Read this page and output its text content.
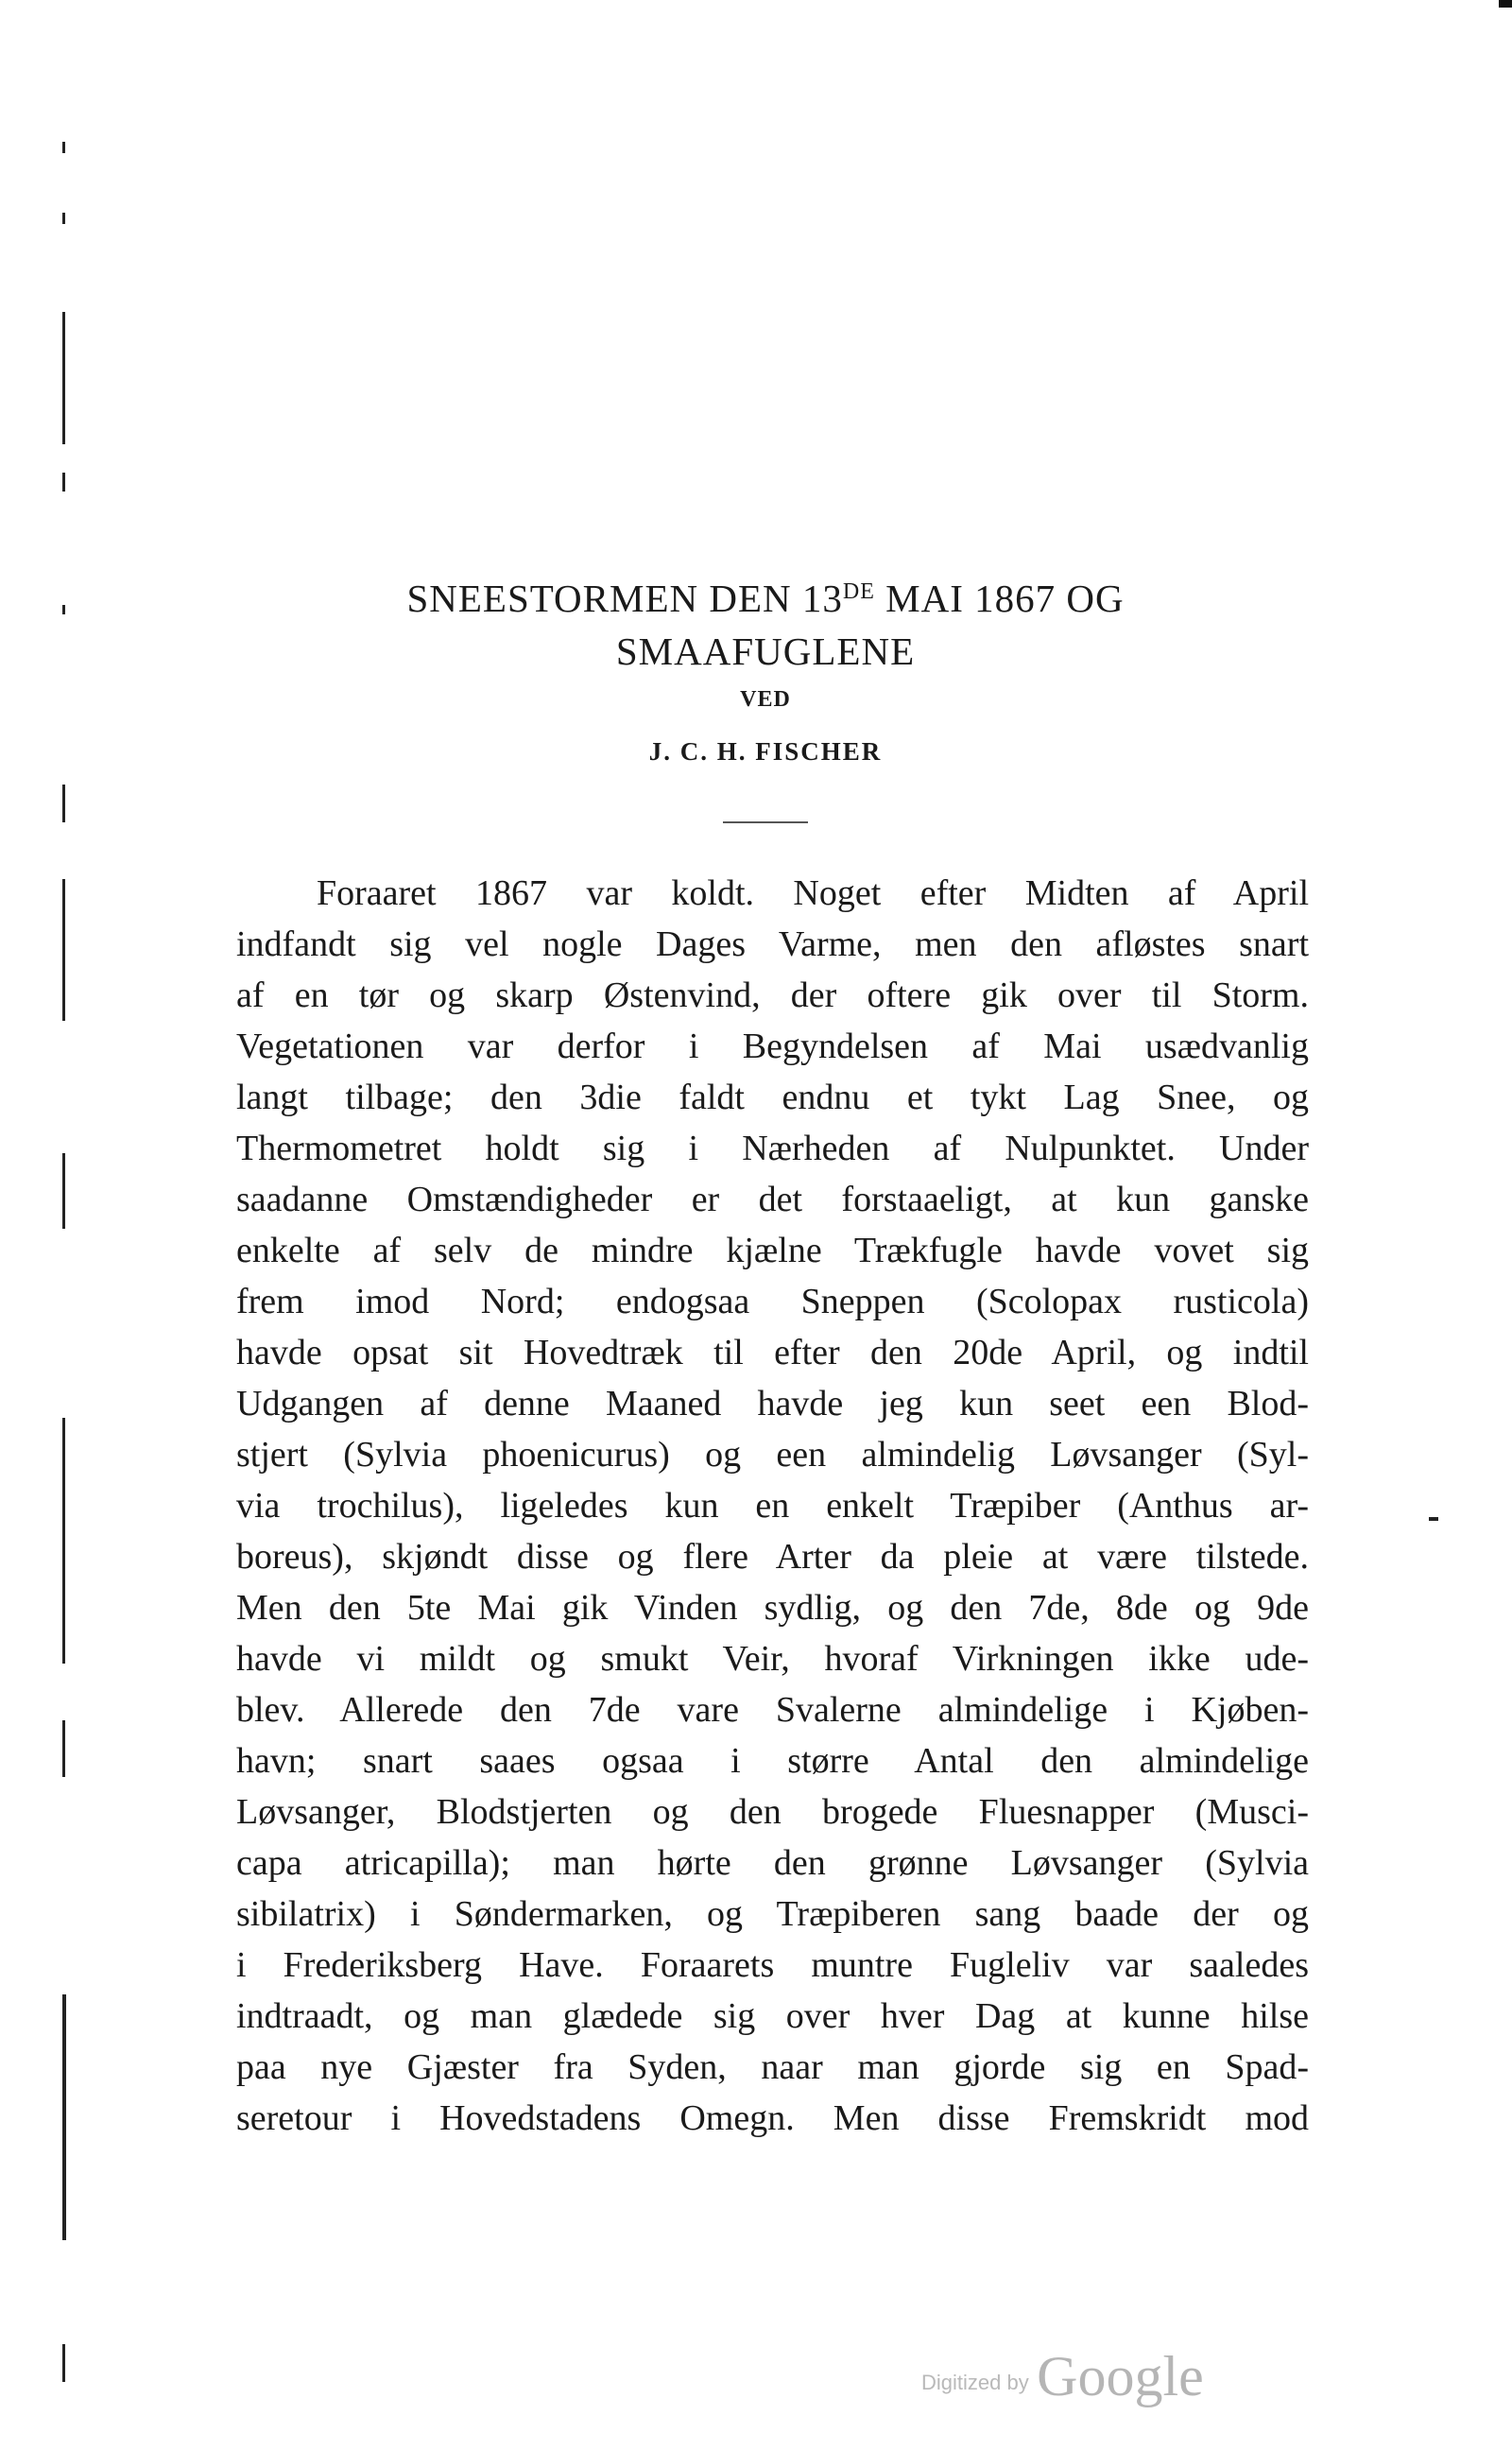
SNEESTORMEN DEN 13DE MAI 1867 OG
SMAAFUGLENE
VED
J. C. H. FISCHER
Foraaret 1867 var koldt. Noget efter Midten af April
indfandt sig vel nogle Dages Varme, men den afløstes snart
af en tør og skarp Østenvind, der oftere gik over til Storm.
Vegetationen var derfor i Begyndelsen af Mai usædvanlig
langt tilbage; den 3die faldt endnu et tykt Lag Snee, og
Thermometret holdt sig i Nærheden af Nulpunktet. Under
saadanne Omstændigheder er det forstaaeligt, at kun ganske
enkelte af selv de mindre kjælne Trækfugle havde vovet sig
frem imod Nord; endogsaa Sneppen (Scolopax rusticola)
havde opsat sit Hovedtræk til efter den 20de April, og indtil
Udgangen af denne Maaned havde jeg kun seet een Blod-
stjert (Sylvia phoenicurus) og een almindelig Løvsanger (Syl-
via trochilus), ligeledes kun en enkelt Træpiber (Anthus ar-
boreus), skjøndt disse og flere Arter da pleie at være tilstede.
Men den 5te Mai gik Vinden sydlig, og den 7de, 8de og 9de
havde vi mildt og smukt Veir, hvoraf Virkningen ikke ude-
blev. Allerede den 7de vare Svalerne almindelige i Kjøben-
havn; snart saaes ogsaa i større Antal den almindelige
Løvsanger, Blodstjerten og den brogede Fluesnapper (Musci-
capa atricapilla); man hørte den grønne Løvsanger (Sylvia
sibilatrix) i Søndermarken, og Træpiberen sang baade der og
i Frederiksberg Have. Foraarets muntre Fugleliv var saaledes
indtraadt, og man glædede sig over hver Dag at kunne hilse
paa nye Gjæster fra Syden, naar man gjorde sig en Spad-
seretour i Hovedstadens Omegn. Men disse Fremskridt mod
Digitized by Google
